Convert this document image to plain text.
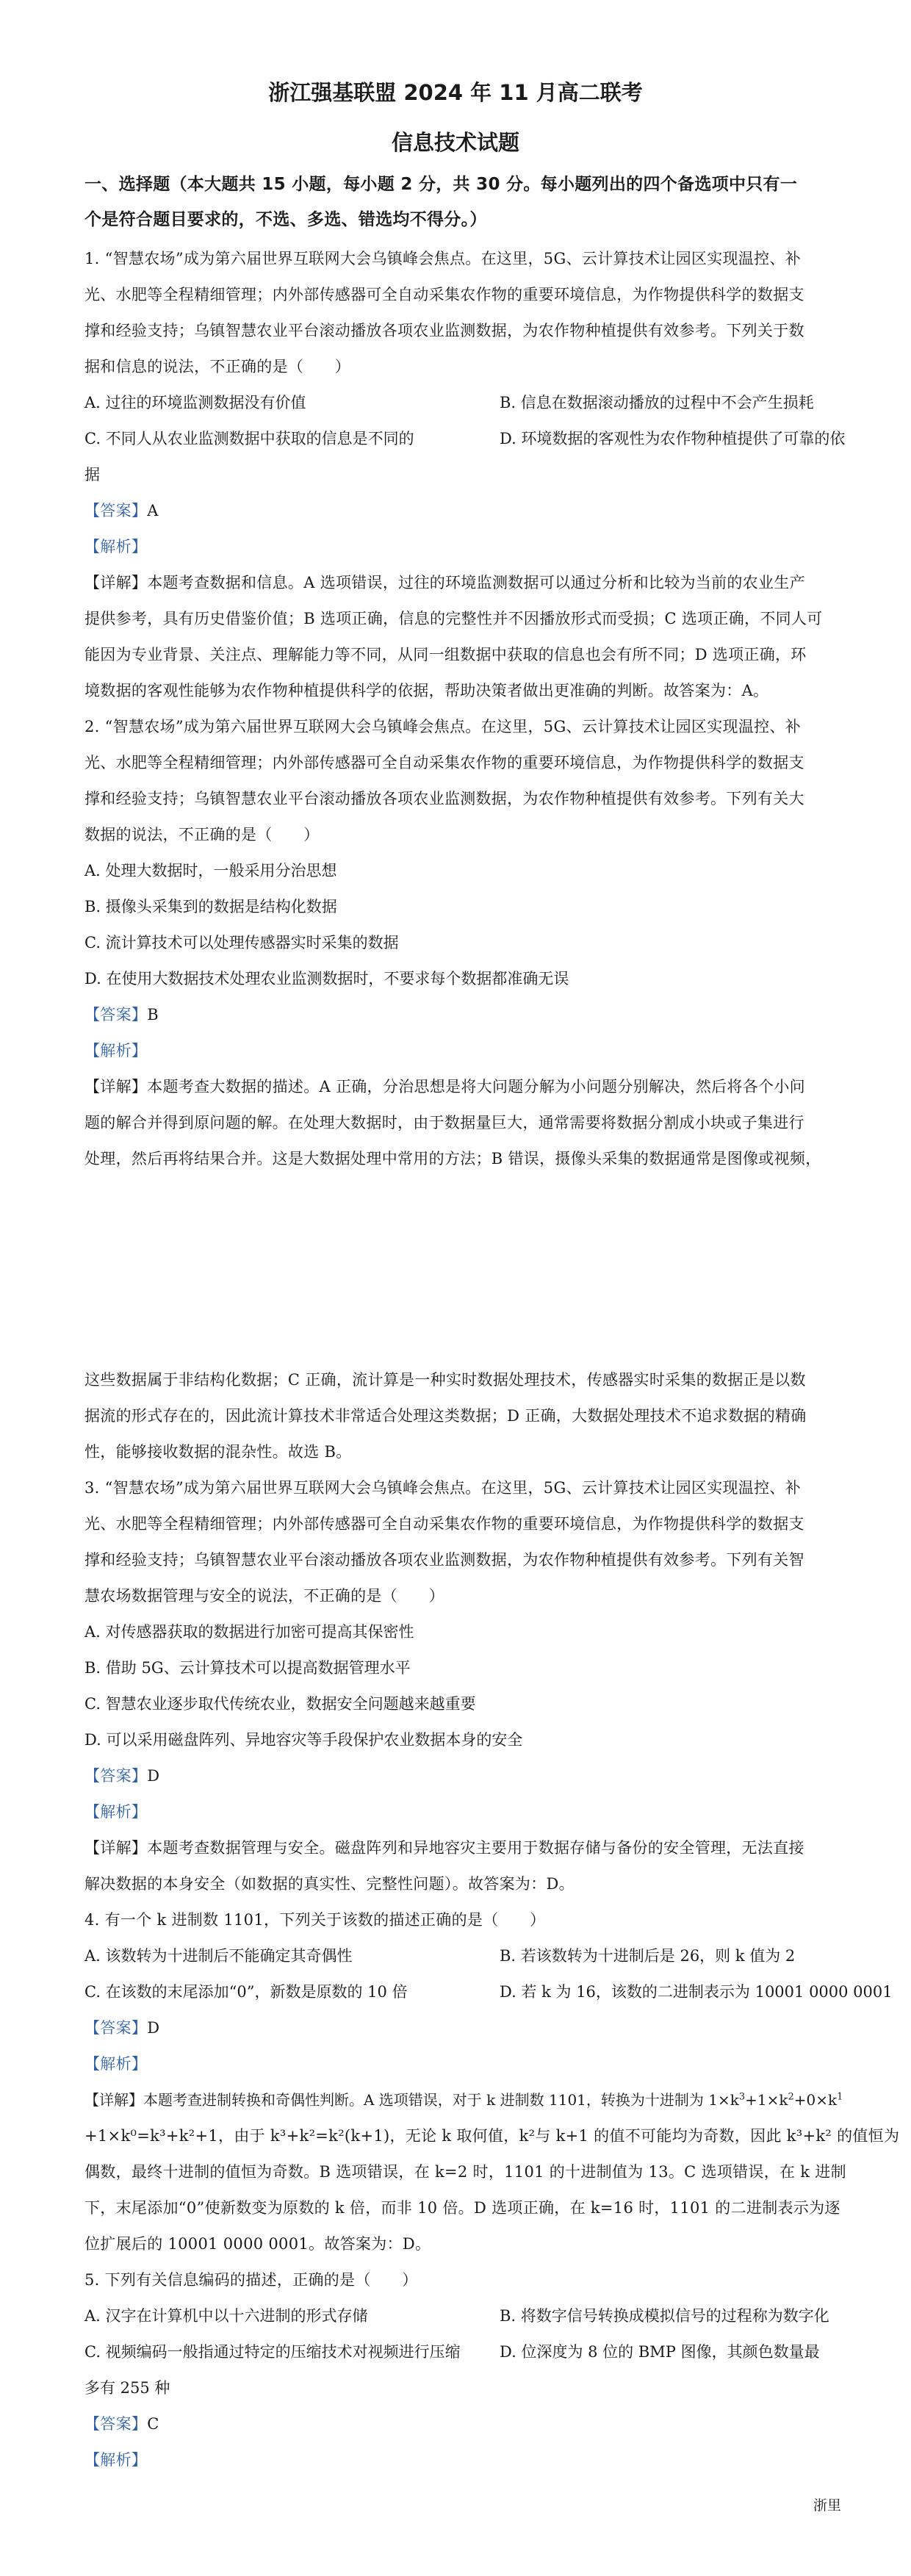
浙江强基联盟 2024 年 11 月高二联考
信息技术试题
一、选择题（本大题共 15 小题，每小题 2 分，共 30 分。每小题列出的四个备选项中只有一
个是符合题目要求的，不选、多选、错选均不得分。）
1. “智慧农场”成为第六届世界互联网大会乌镇峰会焦点。在这里，5G、云计算技术让园区实现温控、补
光、水肥等全程精细管理；内外部传感器可全自动采集农作物的重要环境信息，为作物提供科学的数据支
撑和经验支持；乌镇智慧农业平台滚动播放各项农业监测数据，为农作物种植提供有效参考。下列关于数
据和信息的说法，不正确的是（　　）
A. 过往的环境监测数据没有价值	B. 信息在数据滚动播放的过程中不会产生损耗
C. 不同人从农业监测数据中获取的信息是不同的	D. 环境数据的客观性为农作物种植提供了可靠的依
据
【答案】A
【解析】
【详解】本题考查数据和信息。A 选项错误，过往的环境监测数据可以通过分析和比较为当前的农业生产
提供参考，具有历史借鉴价值；B 选项正确，信息的完整性并不因播放形式而受损；C 选项正确，不同人可
能因为专业背景、关注点、理解能力等不同，从同一组数据中获取的信息也会有所不同；D 选项正确，环
境数据的客观性能够为农作物种植提供科学的依据，帮助决策者做出更准确的判断。故答案为：A。
2. “智慧农场”成为第六届世界互联网大会乌镇峰会焦点。在这里，5G、云计算技术让园区实现温控、补
光、水肥等全程精细管理；内外部传感器可全自动采集农作物的重要环境信息，为作物提供科学的数据支
撑和经验支持；乌镇智慧农业平台滚动播放各项农业监测数据，为农作物种植提供有效参考。下列有关大
数据的说法，不正确的是（　　）
A. 处理大数据时，一般采用分治思想
B. 摄像头采集到的数据是结构化数据
C. 流计算技术可以处理传感器实时采集的数据
D. 在使用大数据技术处理农业监测数据时，不要求每个数据都准确无误
【答案】B
【解析】
【详解】本题考查大数据的描述。A 正确，分治思想是将大问题分解为小问题分别解决，然后将各个小问
题的解合并得到原问题的解。在处理大数据时，由于数据量巨大，通常需要将数据分割成小块或子集进行
处理，然后再将结果合并。这是大数据处理中常用的方法；B 错误，摄像头采集的数据通常是图像或视频，
这些数据属于非结构化数据；C 正确，流计算是一种实时数据处理技术，传感器实时采集的数据正是以数
据流的形式存在的，因此流计算技术非常适合处理这类数据；D 正确，大数据处理技术不追求数据的精确
性，能够接收数据的混杂性。故选 B。
3. “智慧农场”成为第六届世界互联网大会乌镇峰会焦点。在这里，5G、云计算技术让园区实现温控、补
光、水肥等全程精细管理；内外部传感器可全自动采集农作物的重要环境信息，为作物提供科学的数据支
撑和经验支持；乌镇智慧农业平台滚动播放各项农业监测数据，为农作物种植提供有效参考。下列有关智
慧农场数据管理与安全的说法，不正确的是（　　）
A. 对传感器获取的数据进行加密可提高其保密性
B. 借助 5G、云计算技术可以提高数据管理水平
C. 智慧农业逐步取代传统农业，数据安全问题越来越重要
D. 可以采用磁盘阵列、异地容灾等手段保护农业数据本身的安全
【答案】D
【解析】
【详解】本题考查数据管理与安全。磁盘阵列和异地容灾主要用于数据存储与备份的安全管理，无法直接
解决数据的本身安全（如数据的真实性、完整性问题）。故答案为：D。
4. 有一个 k 进制数 1101，下列关于该数的描述正确的是（　　）
A. 该数转为十进制后不能确定其奇偶性	B. 若该数转为十进制后是 26，则 k 值为 2
C. 在该数的末尾添加“0”，新数是原数的 10 倍	D. 若 k 为 16，该数的二进制表示为 10001 0000 0001
【答案】D
【解析】
【详解】本题考查进制转换和奇偶性判断。A 选项错误，对于 k 进制数 1101，转换为十进制为 $1\times k^3+1\times k^2+0\times k^1$
+1×k⁰=k³+k²+1，由于 k³+k²=k²(k+1)，无论 k 取何值，k²与 k+1 的值不可能均为奇数，因此 k³+k² 的值恒为
偶数，最终十进制的值恒为奇数。B 选项错误，在 k=2 时，1101 的十进制值为 13。C 选项错误，在 k 进制
下，末尾添加“0”使新数变为原数的 k 倍，而非 10 倍。D 选项正确，在 k=16 时，1101 的二进制表示为逐
位扩展后的 10001 0000 0001。故答案为：D。
5. 下列有关信息编码的描述，正确的是（　　）
A. 汉字在计算机中以十六进制的形式存储	B. 将数字信号转换成模拟信号的过程称为数字化
C. 视频编码一般指通过特定的压缩技术对视频进行压缩	D. 位深度为 8 位的 BMP 图像，其颜色数量最
多有 255 种
【答案】C
【解析】
浙里
